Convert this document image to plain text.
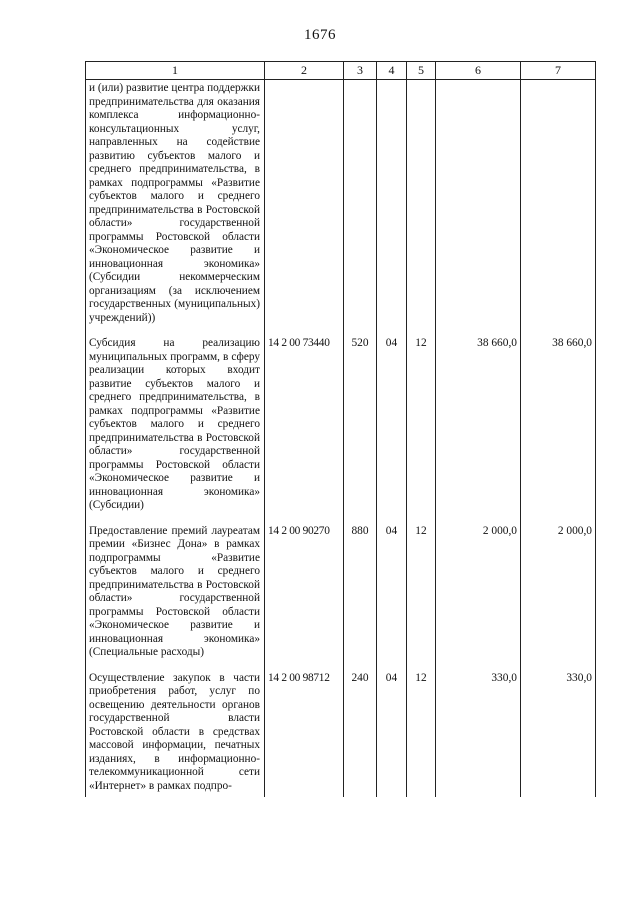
1676
1	2	3	4	5	6	7
и (или) развитие центра поддержки предпринимательства для оказания комплекса информационно-консультационных услуг, направленных на содействие развитию субъектов малого и среднего предпринимательства, в рамках подпрограммы «Развитие субъектов малого и среднего предпринимательства в Ростовской области» государственной программы Ростовской области «Экономическое развитие и инновационная экономика» (Субсидии некоммерческим организациям (за исключением государственных (муниципальных) учреждений))						
Субсидия на реализацию муниципальных программ, в сферу реализации которых входит развитие субъектов малого и среднего предпринимательства, в рамках подпрограммы «Развитие субъектов малого и среднего предпринимательства в Ростовской области» государственной программы Ростовской области «Экономическое развитие и инновационная экономика» (Субсидии)	14 2 00 73440	520	04	12	38 660,0	38 660,0
Предоставление премий лауреатам премии «Бизнес Дона» в рамках подпрограммы «Развитие субъектов малого и среднего предпринимательства в Ростовской области» государственной программы Ростовской области «Экономическое развитие и инновационная экономика» (Специальные расходы)	14 2 00 90270	880	04	12	2 000,0	2 000,0
Осуществление закупок в части приобретения работ, услуг по освещению деятельности органов государственной власти Ростовской области в средствах массовой информации, печатных изданиях, в информационно-телекоммуникационной сети «Интернет» в рамках подпро-	14 2 00 98712	240	04	12	330,0	330,0
